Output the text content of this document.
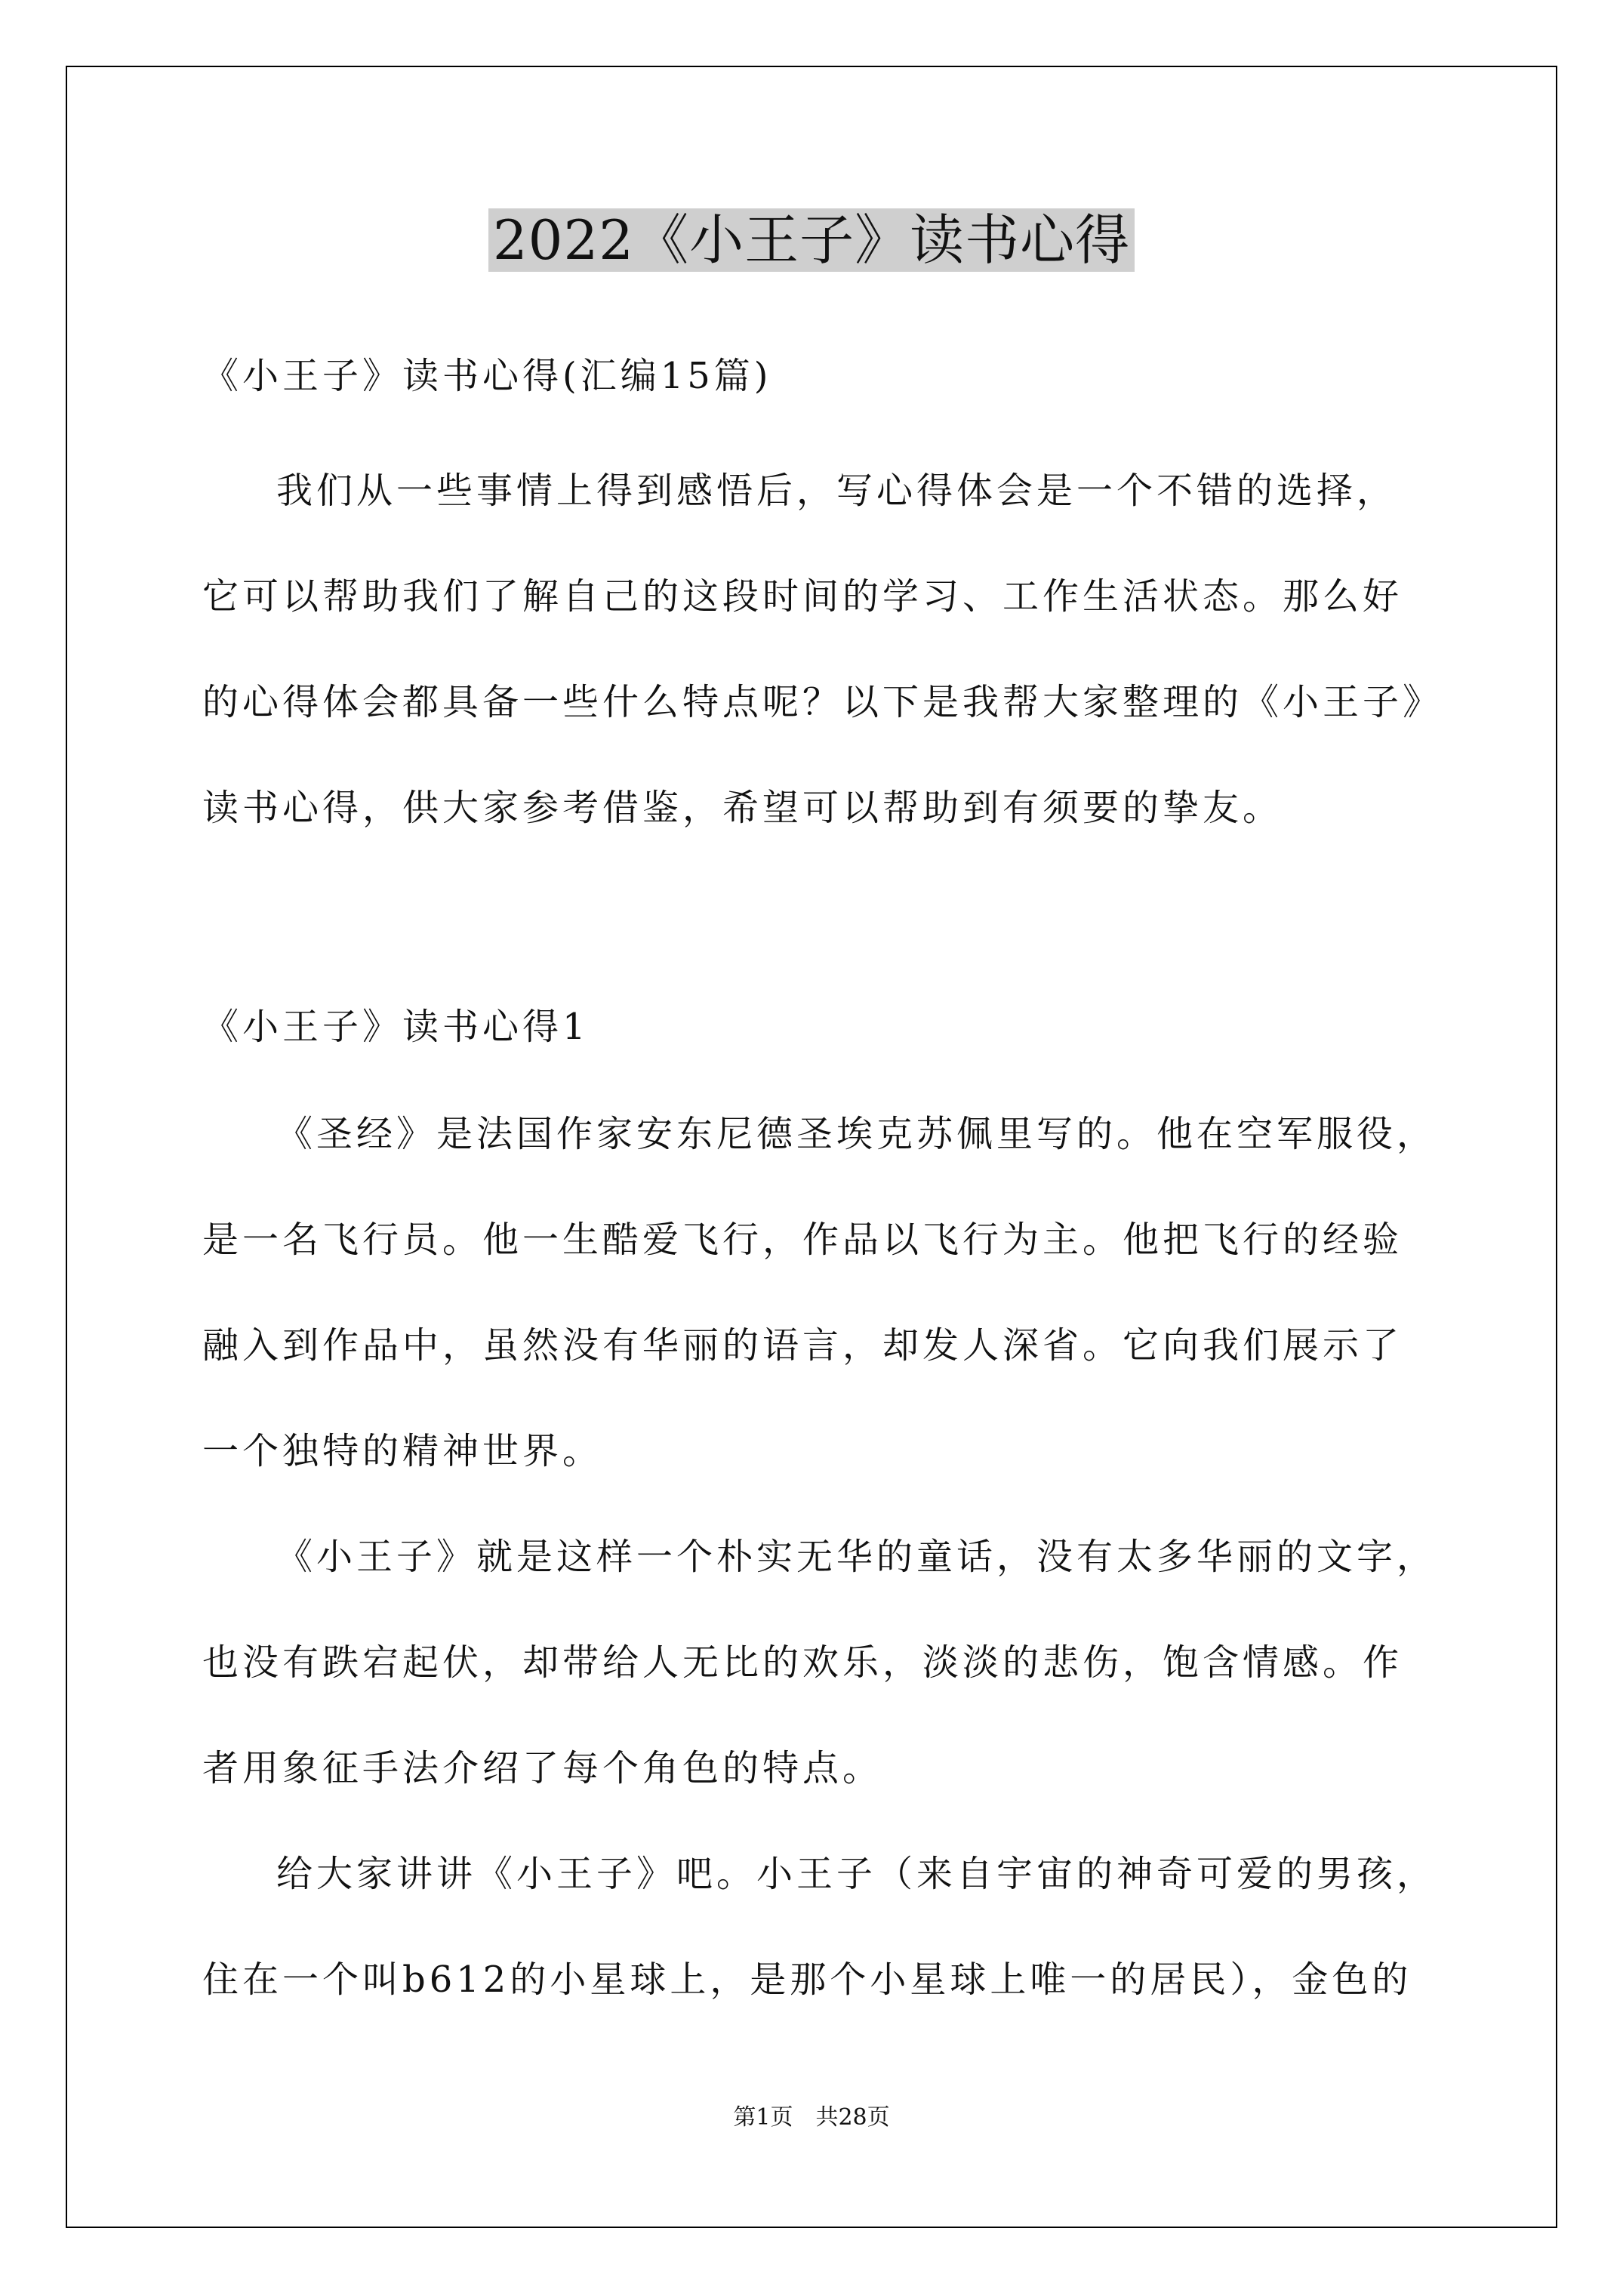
2022《小王子》读书心得
《小王子》读书心得(汇编15篇)
我们从一些事情上得到感悟后，写心得体会是一个不错的选择，
它可以帮助我们了解自己的这段时间的学习、工作生活状态。那么好
的心得体会都具备一些什么特点呢？以下是我帮大家整理的《小王子》
读书心得，供大家参考借鉴，希望可以帮助到有须要的挚友。
《小王子》读书心得1
《圣经》是法国作家安东尼德圣埃克苏佩里写的。他在空军服役，
是一名飞行员。他一生酷爱飞行，作品以飞行为主。他把飞行的经验
融入到作品中，虽然没有华丽的语言，却发人深省。它向我们展示了
一个独特的精神世界。
《小王子》就是这样一个朴实无华的童话，没有太多华丽的文字，
也没有跌宕起伏，却带给人无比的欢乐，淡淡的悲伤，饱含情感。作
者用象征手法介绍了每个角色的特点。
给大家讲讲《小王子》吧。小王子（来自宇宙的神奇可爱的男孩，
住在一个叫b612的小星球上，是那个小星球上唯一的居民），金色的
第1页　共28页
